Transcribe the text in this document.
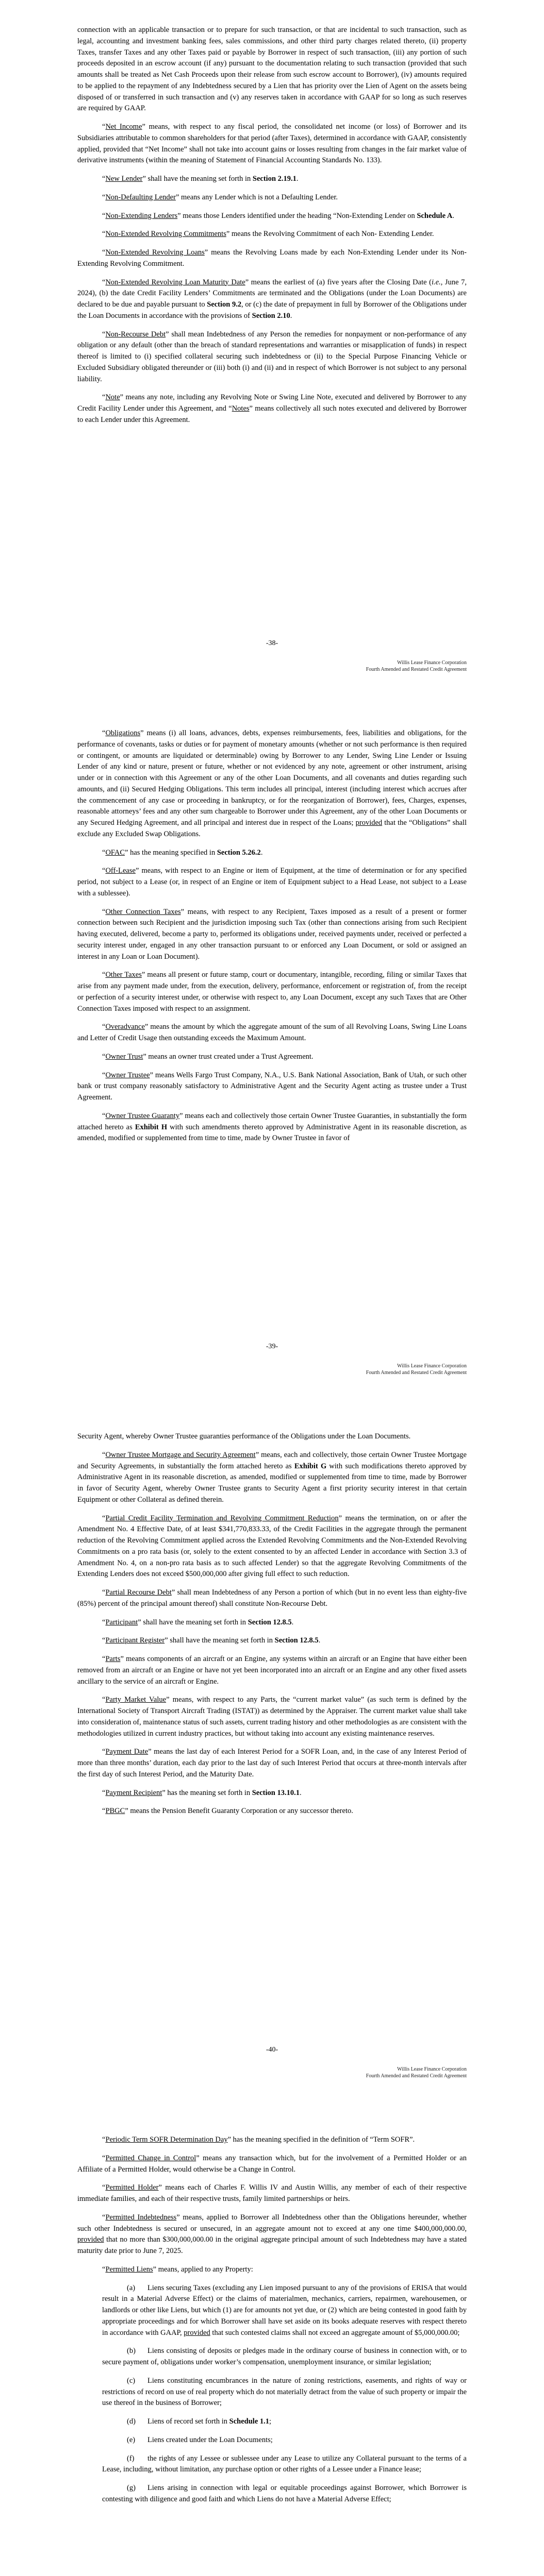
connection with an applicable transaction or to prepare for such transaction, or that are incidental to such transaction, such as legal, accounting and investment banking fees, sales commissions, and other third party charges related thereto, (ii) property Taxes, transfer Taxes and any other Taxes paid or payable by Borrower in respect of such transaction, (iii) any portion of such proceeds deposited in an escrow account (if any) pursuant to the documentation relating to such transaction (provided that such amounts shall be treated as Net Cash Proceeds upon their release from such escrow account to Borrower), (iv) amounts required to be applied to the repayment of any Indebtedness secured by a Lien that has priority over the Lien of Agent on the assets being disposed of or transferred in such transaction and (v) any reserves taken in accordance with GAAP for so long as such reserves are required by GAAP.

“Net Income” means, with respect to any fiscal period, the consolidated net income (or loss) of Borrower and its Subsidiaries attributable to common shareholders for that period (after Taxes), determined in accordance with GAAP, consistently applied, provided that “Net Income” shall not take into account gains or losses resulting from changes in the fair market value of derivative instruments (within the meaning of Statement of Financial Accounting Standards No. 133).

“New Lender” shall have the meaning set forth in Section 2.19.1.

“Non-Defaulting Lender” means any Lender which is not a Defaulting Lender.

“Non-Extending Lenders” means those Lenders identified under the heading “Non-Extending Lender on Schedule A.

“Non-Extended Revolving Commitments” means the Revolving Commitment of each Non- Extending Lender.

“Non-Extended Revolving Loans” means the Revolving Loans made by each Non-Extending Lender under its Non-Extending Revolving Commitment.

“Non-Extended Revolving Loan Maturity Date” means the earliest of (a) five years after the Closing Date (i.e., June 7, 2024), (b) the date Credit Facility Lenders’ Commitments are terminated and the Obligations (under the Loan Documents) are declared to be due and payable pursuant to Section 9.2, or (c) the date of prepayment in full by Borrower of the Obligations under the Loan Documents in accordance with the provisions of Section 2.10.

“Non-Recourse Debt” shall mean Indebtedness of any Person the remedies for nonpayment or non-performance of any obligation or any default (other than the breach of standard representations and warranties or misapplication of funds) in respect thereof is limited to (i) specified collateral securing such indebtedness or (ii) to the Special Purpose Financing Vehicle or Excluded Subsidiary obligated thereunder or (iii) both (i) and (ii) and in respect of which Borrower is not subject to any personal liability.

“Note” means any note, including any Revolving Note or Swing Line Note, executed and delivered by Borrower to any Credit Facility Lender under this Agreement, and “Notes” means collectively all such notes executed and delivered by Borrower to each Lender under this Agreement.

-38-
Willis Lease Finance Corporation
Fourth Amended and Restated Credit Agreement

“Obligations” means (i) all loans, advances, debts, expenses reimbursements, fees, liabilities and obligations, for the performance of covenants, tasks or duties or for payment of monetary amounts (whether or not such performance is then required or contingent, or amounts are liquidated or determinable) owing by Borrower to any Lender, Swing Line Lender or Issuing Lender of any kind or nature, present or future, whether or not evidenced by any note, agreement or other instrument, arising under or in connection with this Agreement or any of the other Loan Documents, and all covenants and duties regarding such amounts, and (ii) Secured Hedging Obligations. This term includes all principal, interest (including interest which accrues after the commencement of any case or proceeding in bankruptcy, or for the reorganization of Borrower), fees, Charges, expenses, reasonable attorneys’ fees and any other sum chargeable to Borrower under this Agreement, any of the other Loan Documents or any Secured Hedging Agreement, and all principal and interest due in respect of the Loans; provided that the “Obligations” shall exclude any Excluded Swap Obligations.

“OFAC” has the meaning specified in Section 5.26.2.

“Off-Lease” means, with respect to an Engine or item of Equipment, at the time of determination or for any specified period, not subject to a Lease (or, in respect of an Engine or item of Equipment subject to a Head Lease, not subject to a Lease with a sublessee).

“Other Connection Taxes” means, with respect to any Recipient, Taxes imposed as a result of a present or former connection between such Recipient and the jurisdiction imposing such Tax (other than connections arising from such Recipient having executed, delivered, become a party to, performed its obligations under, received payments under, received or perfected a security interest under, engaged in any other transaction pursuant to or enforced any Loan Document, or sold or assigned an interest in any Loan or Loan Document).

“Other Taxes” means all present or future stamp, court or documentary, intangible, recording, filing or similar Taxes that arise from any payment made under, from the execution, delivery, performance, enforcement or registration of, from the receipt or perfection of a security interest under, or otherwise with respect to, any Loan Document, except any such Taxes that are Other Connection Taxes imposed with respect to an assignment.

“Overadvance” means the amount by which the aggregate amount of the sum of all Revolving Loans, Swing Line Loans and Letter of Credit Usage then outstanding exceeds the Maximum Amount.

“Owner Trust” means an owner trust created under a Trust Agreement.

“Owner Trustee” means Wells Fargo Trust Company, N.A., U.S. Bank National Association, Bank of Utah, or such other bank or trust company reasonably satisfactory to Administrative Agent and the Security Agent acting as trustee under a Trust Agreement.

“Owner Trustee Guaranty” means each and collectively those certain Owner Trustee Guaranties, in substantially the form attached hereto as Exhibit H with such amendments thereto approved by Administrative Agent in its reasonable discretion, as amended, modified or supplemented from time to time, made by Owner Trustee in favor of

-39-
Willis Lease Finance Corporation
Fourth Amended and Restated Credit Agreement

Security Agent, whereby Owner Trustee guaranties performance of the Obligations under the Loan Documents.

“Owner Trustee Mortgage and Security Agreement” means, each and collectively, those certain Owner Trustee Mortgage and Security Agreements, in substantially the form attached hereto as Exhibit G with such modifications thereto approved by Administrative Agent in its reasonable discretion, as amended, modified or supplemented from time to time, made by Borrower in favor of Security Agent, whereby Owner Trustee grants to Security Agent a first priority security interest in that certain Equipment or other Collateral as defined therein.

“Partial Credit Facility Termination and Revolving Commitment Reduction” means the termination, on or after the Amendment No. 4 Effective Date, of at least $341,770,833.33, of the Credit Facilities in the aggregate through the permanent reduction of the Revolving Commitment applied across the Extended Revolving Commitments and the Non-Extended Revolving Commitments on a pro rata basis (or, solely to the extent consented to by an affected Lender in accordance with Section 3.3 of Amendment No. 4, on a non-pro rata basis as to such affected Lender) so that the aggregate Revolving Commitments of the Extending Lenders does not exceed $500,000,000 after giving full effect to such reduction.

“Partial Recourse Debt” shall mean Indebtedness of any Person a portion of which (but in no event less than eighty-five (85%) percent of the principal amount thereof) shall constitute Non-Recourse Debt.

“Participant” shall have the meaning set forth in Section 12.8.5.

“Participant Register” shall have the meaning set forth in Section 12.8.5.

“Parts” means components of an aircraft or an Engine, any systems within an aircraft or an Engine that have either been removed from an aircraft or an Engine or have not yet been incorporated into an aircraft or an Engine and any other fixed assets ancillary to the service of an aircraft or Engine.

“Party Market Value” means, with respect to any Parts, the “current market value” (as such term is defined by the International Society of Transport Aircraft Trading (ISTAT)) as determined by the Appraiser. The current market value shall take into consideration of, maintenance status of such assets, current trading history and other methodologies as are consistent with the methodologies utilized in current industry practices, but without taking into account any existing maintenance reserves.

“Payment Date” means the last day of each Interest Period for a SOFR Loan, and, in the case of any Interest Period of more than three months’ duration, each day prior to the last day of such Interest Period that occurs at three-month intervals after the first day of such Interest Period, and the Maturity Date.

“Payment Recipient” has the meaning set forth in Section 13.10.1.

“PBGC” means the Pension Benefit Guaranty Corporation or any successor thereto.

-40-
Willis Lease Finance Corporation
Fourth Amended and Restated Credit Agreement

“Periodic Term SOFR Determination Day” has the meaning specified in the definition of “Term SOFR”.

“Permitted Change in Control” means any transaction which, but for the involvement of a Permitted Holder or an Affiliate of a Permitted Holder, would otherwise be a Change in Control.

“Permitted Holder” means each of Charles F. Willis IV and Austin Willis, any member of each of their respective immediate families, and each of their respective trusts, family limited partnerships or heirs.

“Permitted Indebtedness” means, applied to Borrower all Indebtedness other than the Obligations hereunder, whether such other Indebtedness is secured or unsecured, in an aggregate amount not to exceed at any one time $400,000,000.00, provided that no more than $300,000,000.00 in the original aggregate principal amount of such Indebtedness may have a stated maturity date prior to June 7, 2025.

“Permitted Liens” means, applied to any Property:

(a) Liens securing Taxes (excluding any Lien imposed pursuant to any of the provisions of ERISA that would result in a Material Adverse Effect) or the claims of materialmen, mechanics, carriers, repairmen, warehousemen, or landlords or other like Liens, but which (1) are for amounts not yet due, or (2) which are being contested in good faith by appropriate proceedings and for which Borrower shall have set aside on its books adequate reserves with respect thereto in accordance with GAAP, provided that such contested claims shall not exceed an aggregate amount of $5,000,000.00;

(b) Liens consisting of deposits or pledges made in the ordinary course of business in connection with, or to secure payment of, obligations under worker’s compensation, unemployment insurance, or similar legislation;

(c) Liens constituting encumbrances in the nature of zoning restrictions, easements, and rights of way or restrictions of record on use of real property which do not materially detract from the value of such property or impair the use thereof in the business of Borrower;

(d) Liens of record set forth in Schedule 1.1;

(e) Liens created under the Loan Documents;

(f) the rights of any Lessee or sublessee under any Lease to utilize any Collateral pursuant to the terms of a Lease, including, without limitation, any purchase option or other rights of a Lessee under a Finance lease;

(g) Liens arising in connection with legal or equitable proceedings against Borrower, which Borrower is contesting with diligence and good faith and which Liens do not have a Material Adverse Effect;
